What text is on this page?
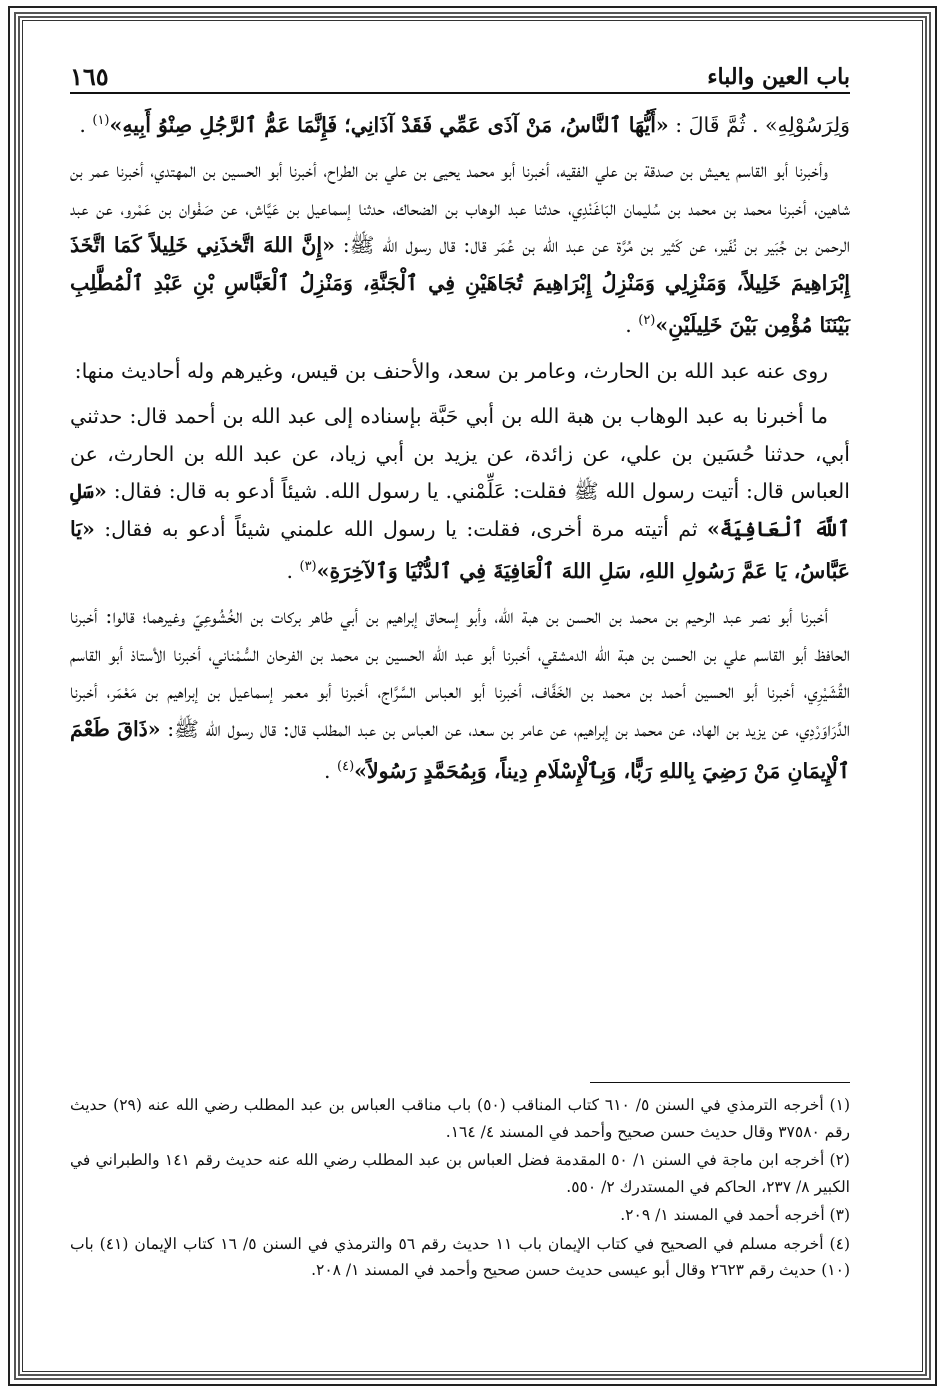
باب العين والباء
١٦٥

وَلِرَسُوْلِهِ» . ثُمَّ قَالَ : «أَيُّهَا ٱلنَّاسُ، مَنْ آذَى عَمِّي فَقَدْ آذَانِي؛ فَإِنَّمَا عَمُّ ٱلرَّجُلِ صِنْوُ أَبِيهِ»$^{(١)}$ .

وأخبرنا أبو القاسم يعيش بن صدقة بن علي الفقيه، أخبرنا أبو محمد يحيى بن علي بن الطراح، أخبرنا أبو الحسين بن المهتدي، أخبرنا عمر بن شاهين، أخبرنا محمد بن محمد بن سُليمان البَاغَنْدِي، حدثنا عبد الوهاب بن الضحاك، حدثنا إسماعيل بن عَيَّاش، عن صَفْوان بن عَمْرو، عن عبد الرحمن بن جُبَير بن نُفَير، عن كَثير بن مُرَّة عن عبد الله بن عُمَر قال: قال رسول الله ﷺ: «إِنَّ اللهَ اتَّخذَنِي خَلِيلاً كَمَا اتَّخَذَ إِبْرَاهِيمَ خَلِيلاً، وَمَنْزِلِي وَمَنْزِلُ إِبْرَاهِيمَ تُجَاهَيْنِ فِي ٱلْجَنَّةِ، وَمَنْزِلُ ٱلْعَبَّاسِ بْنِ عَبْدِ ٱلْمُطَّلِبِ بَيْنَنَا مُؤْمِن بَيْنَ خَلِيلَيْنِ»$^{(٢)}$ .

روى عنه عبد الله بن الحارث، وعامر بن سعد، والأحنف بن قيس، وغيرهم وله أحاديث منها:

ما أخبرنا به عبد الوهاب بن هبة الله بن أبي حَبَّة بإسناده إلى عبد الله بن أحمد قال: حدثني أبي، حدثنا حُسَين بن علي، عن زائدة، عن يزيد بن أبي زياد، عن عبد الله بن الحارث، عن العباس قال: أتيت رسول الله ﷺ فقلت: عَلِّمْني. يا رسول الله. شيئاً أدعو به قال: فقال: «سَلِ ٱللَّهَ ٱلْعَافِيَةَ» ثم أتيته مرة أخرى، فقلت: يا رسول الله علمني شيئاً أدعو به فقال: «يَا عَبَّاسُ، يَا عَمَّ رَسُولِ اللهِ، سَلِ اللهَ ٱلْعَافِيَةَ فِي ٱلدُّنْيَا وَٱلآخِرَةِ»$^{(٣)}$ .

أخبرنا أبو نصر عبد الرحيم بن محمد بن الحسن بن هبة الله، وأبو إسحاق إبراهيم بن أبي طاهر بركات بن الخُشُوعِيّ وغيرهما؛ قالوا: أخبرنا الحافظ أبو القاسم علي بن الحسن بن هبة الله الدمشقي، أخبرنا أبو عبد الله الحسين بن محمد بن الفرحان السُّمْناني، أخبرنا الأستاذ أبو القاسم القُشَيْرِي، أخبرنا أبو الحسين أحمد بن محمد بن الخَفَّاف، أخبرنا أبو العباس السَّرَّاج، أخبرنا أبو معمر إسماعيل بن إبراهيم بن مَعْمَر، أخبرنا الدَّرَاوَرْدِي، عن يزيد بن الهاد، عن محمد بن إبراهيم، عن عامر بن سعد، عن العباس بن عبد المطلب قال: قال رسول الله ﷺ: «ذَاقَ طَعْمَ ٱلْإِيمَانِ مَنْ رَضِيَ بِاللهِ رَبًّا، وَبِٱلْإِسْلَامِ دِيناً، وَبِمُحَمَّدٍ رَسُولاً»$^{(٤)}$ .

(١) أخرجه الترمذي في السنن ٥/ ٦١٠ كتاب المناقب (٥٠) باب مناقب العباس بن عبد المطلب رضي الله عنه (٢٩) حديث رقم ٣٧٥٨٠ وقال حديث حسن صحيح وأحمد في المسند ٤/ ١٦٤.
(٢) أخرجه ابن ماجة في السنن ١/ ٥٠ المقدمة فضل العباس بن عبد المطلب رضي الله عنه حديث رقم ١٤١ والطبراني في الكبير ٨/ ٢٣٧، الحاكم في المستدرك ٢/ ٥٥٠.
(٣) أخرجه أحمد في المسند ١/ ٢٠٩.
(٤) أخرجه مسلم في الصحيح في كتاب الإيمان باب ١١ حديث رقم ٥٦ والترمذي في السنن ٥/ ١٦ كتاب الإيمان (٤١) باب (١٠) حديث رقم ٢٦٢٣ وقال أبو عيسى حديث حسن صحيح وأحمد في المسند ١/ ٢٠٨.
